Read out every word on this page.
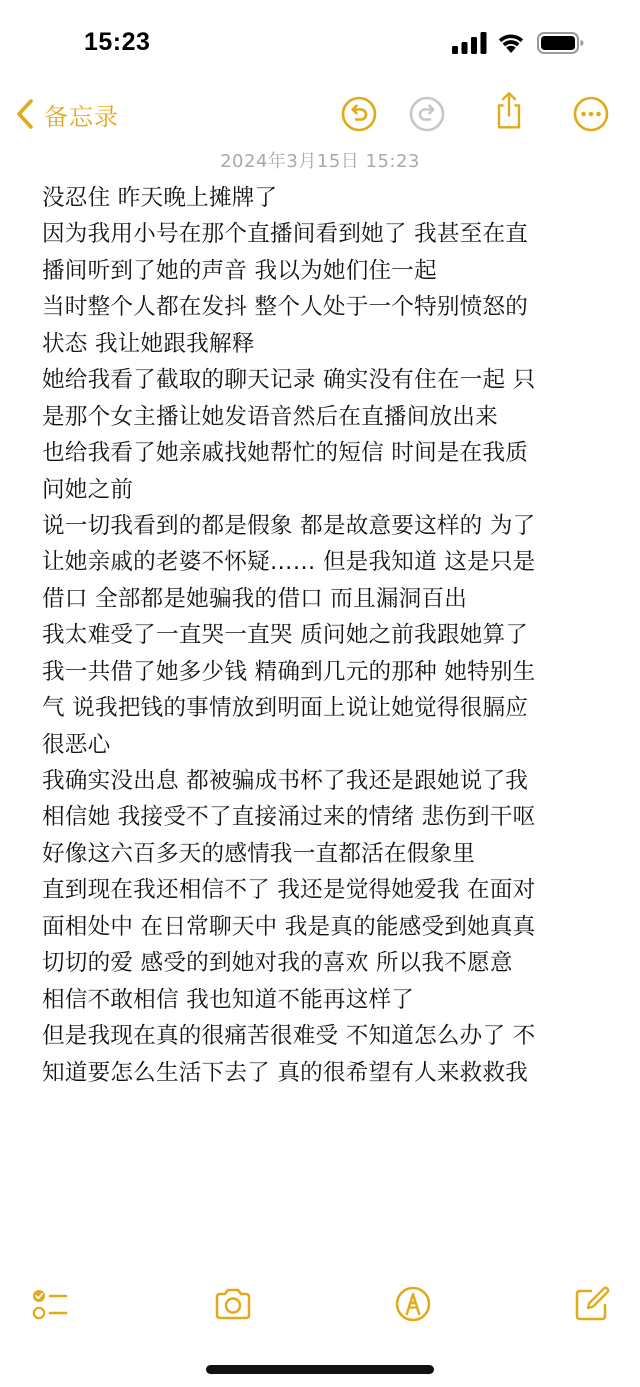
15:23
备忘录
2024年3月15日 15:23
没忍住 昨天晚上摊牌了
因为我用小号在那个直播间看到她了 我甚至在直
播间听到了她的声音 我以为她们住一起
当时整个人都在发抖 整个人处于一个特别愤怒的
状态 我让她跟我解释
她给我看了截取的聊天记录 确实没有住在一起 只
是那个女主播让她发语音然后在直播间放出来
也给我看了她亲戚找她帮忙的短信 时间是在我质
问她之前
说一切我看到的都是假象 都是故意要这样的 为了
让她亲戚的老婆不怀疑…… 但是我知道 这是只是
借口 全部都是她骗我的借口 而且漏洞百出
我太难受了一直哭一直哭 质问她之前我跟她算了
我一共借了她多少钱 精确到几元的那种 她特别生
气 说我把钱的事情放到明面上说让她觉得很膈应
很恶心
我确实没出息 都被骗成书杯了我还是跟她说了我
相信她 我接受不了直接涌过来的情绪 悲伤到干呕
好像这六百多天的感情我一直都活在假象里
直到现在我还相信不了 我还是觉得她爱我 在面对
面相处中 在日常聊天中 我是真的能感受到她真真
切切的爱 感受的到她对我的喜欢 所以我不愿意
相信不敢相信 我也知道不能再这样了
但是我现在真的很痛苦很难受 不知道怎么办了 不
知道要怎么生活下去了 真的很希望有人来救救我
